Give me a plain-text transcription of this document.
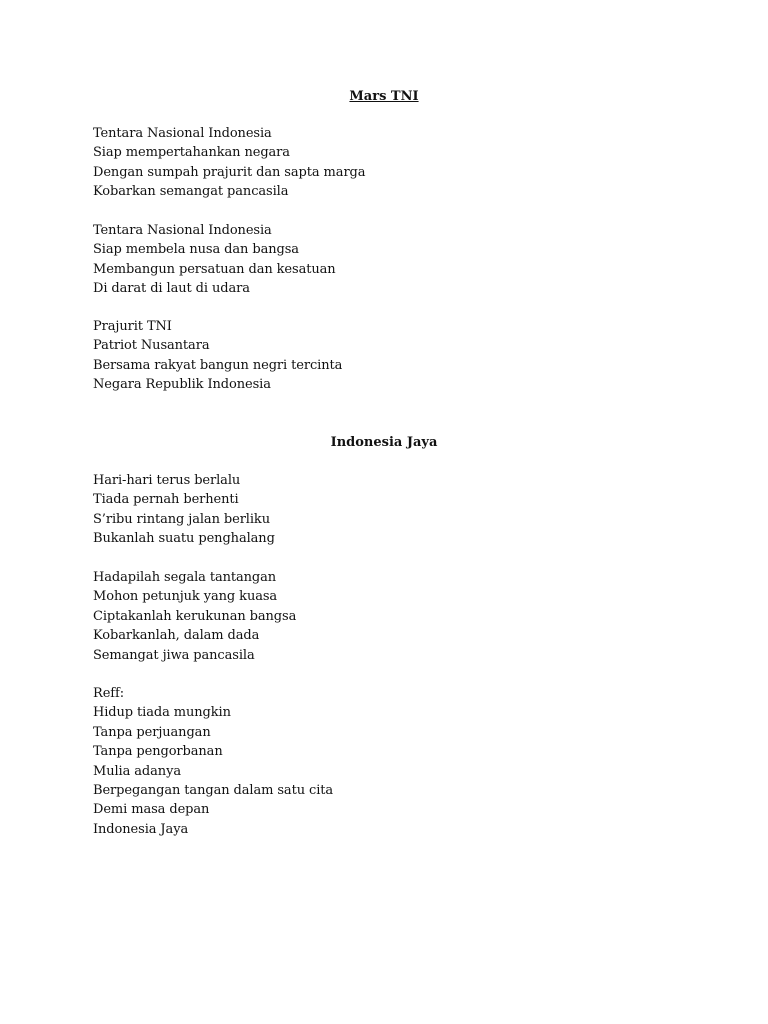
Mars TNI
Tentara Nasional Indonesia
Siap mempertahankan negara
Dengan sumpah prajurit dan sapta marga
Kobarkan semangat pancasila
Tentara Nasional Indonesia
Siap membela nusa dan bangsa
Membangun persatuan dan kesatuan
Di darat di laut di udara
Prajurit TNI
Patriot Nusantara
Bersama rakyat bangun negri tercinta
Negara Republik Indonesia
Indonesia Jaya
Hari-hari terus berlalu
Tiada pernah berhenti
S’ribu rintang jalan berliku
Bukanlah suatu penghalang
Hadapilah segala tantangan
Mohon petunjuk yang kuasa
Ciptakanlah kerukunan bangsa
Kobarkanlah, dalam dada
Semangat jiwa pancasila
Reff:
Hidup tiada mungkin
Tanpa perjuangan
Tanpa pengorbanan
Mulia adanya
Berpegangan tangan dalam satu cita
Demi masa depan
Indonesia Jaya
